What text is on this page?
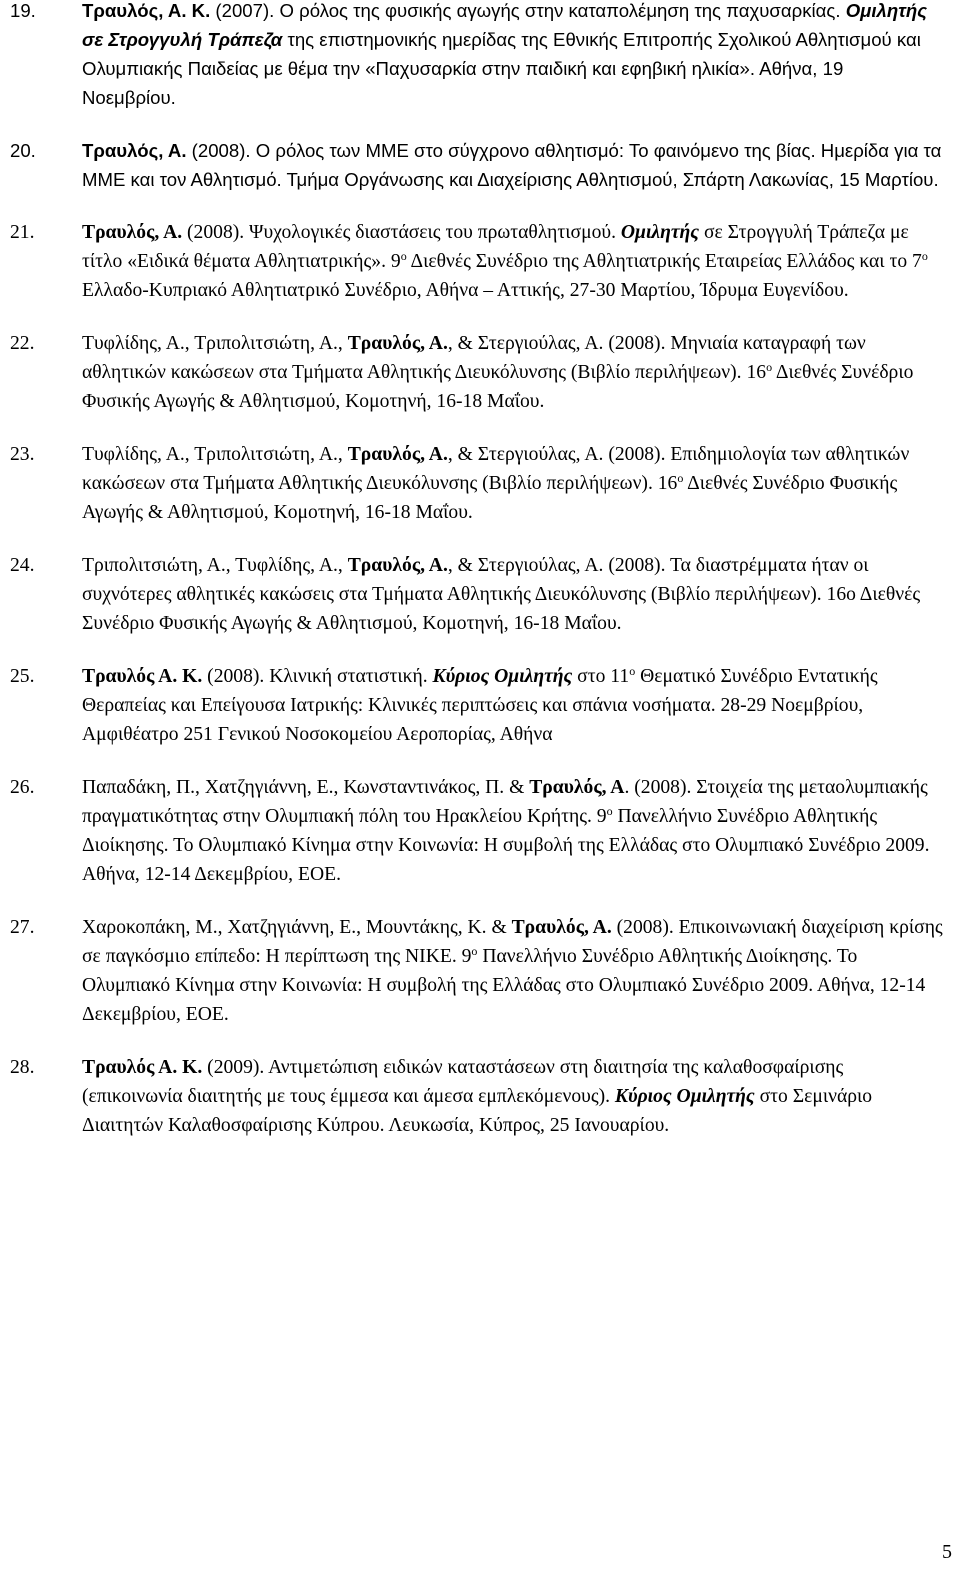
19. Τραυλός, Α. Κ. (2007). Ο ρόλος της φυσικής αγωγής στην καταπολέμηση της παχυσαρκίας. Ομιλητής σε Στρογγυλή Τράπεζα της επιστημονικής ημερίδας της Εθνικής Επιτροπής Σχολικού Αθλητισμού και Ολυμπιακής Παιδείας με θέμα την «Παχυσαρκία στην παιδική και εφηβική ηλικία». Αθήνα, 19 Νοεμβρίου.
20. Τραυλός, Α. (2008). Ο ρόλος των ΜΜΕ στο σύγχρονο αθλητισμό: Το φαινόμενο της βίας. Ημερίδα για τα ΜΜΕ και τον Αθλητισμό. Τμήμα Οργάνωσης και Διαχείρισης Αθλητισμού, Σπάρτη Λακωνίας, 15 Μαρτίου.
21. Τραυλός, Α. (2008). Ψυχολογικές διαστάσεις του πρωταθλητισμού. Ομιλητής σε Στρογγυλή Τράπεζα με τίτλο «Ειδικά θέματα Αθλητιατρικής». $9^o$ Διεθνές Συνέδριο της Αθλητιατρικής Εταιρείας Ελλάδος και το $7^o$ Ελλαδο-Κυπριακό Αθλητιατρικό Συνέδριο, Αθήνα – Αττικής, 27-30 Μαρτίου, Ίδρυμα Ευγενίδου.
22. Τυφλίδης, Α., Τριπολιτσιώτη, Α., Τραυλός, Α., & Στεργιούλας, Α. (2008). Μηνιαία καταγραφή των αθλητικών κακώσεων στα Τμήματα Αθλητικής Διευκόλυνσης (Βιβλίο περιλήψεων). $16^o$ Διεθνές Συνέδριο Φυσικής Αγωγής & Αθλητισμού, Κομοτηνή, 16-18 Μαΐου.
23. Τυφλίδης, Α., Τριπολιτσιώτη, Α., Τραυλός, Α., & Στεργιούλας, Α. (2008). Επιδημιολογία των αθλητικών κακώσεων στα Τμήματα Αθλητικής Διευκόλυνσης (Βιβλίο περιλήψεων). $16^o$ Διεθνές Συνέδριο Φυσικής Αγωγής & Αθλητισμού, Κομοτηνή, 16-18 Μαΐου.
24. Τριπολιτσιώτη, Α., Τυφλίδης, Α., Τραυλός, Α., & Στεργιούλας, Α. (2008). Τα διαστρέμματα ήταν οι συχνότερες αθλητικές κακώσεις στα Τμήματα Αθλητικής Διευκόλυνσης (Βιβλίο περιλήψεων). 16ο Διεθνές Συνέδριο Φυσικής Αγωγής & Αθλητισμού, Κομοτηνή, 16-18 Μαΐου.
25. Τραυλός Α. Κ. (2008). Κλινική στατιστική. Κύριος Ομιλητής στο $11^o$ Θεματικό Συνέδριο Εντατικής Θεραπείας και Επείγουσα Ιατρικής: Κλινικές περιπτώσεις και σπάνια νοσήματα. 28-29 Νοεμβρίου, Αμφιθέατρο 251 Γενικού Νοσοκομείου Αεροπορίας, Αθήνα
26. Παπαδάκη, Π., Χατζηγιάννη, Ε., Κωνσταντινάκος, Π. & Τραυλός, Α. (2008). Στοιχεία της μεταολυμπιακής πραγματικότητας στην Ολυμπιακή πόλη του Ηρακλείου Κρήτης. $9^o$ Πανελλήνιο Συνέδριο Αθλητικής Διοίκησης. Το Ολυμπιακό Κίνημα στην Κοινωνία: Η συμβολή της Ελλάδας στο Ολυμπιακό Συνέδριο 2009. Αθήνα, 12-14 Δεκεμβρίου, ΕΟΕ.
27. Χαροκοπάκη, Μ., Χατζηγιάννη, Ε., Μουντάκης, Κ. & Τραυλός, Α. (2008). Επικοινωνιακή διαχείριση κρίσης σε παγκόσμιο επίπεδο: Η περίπτωση της NIKE. $9^o$ Πανελλήνιο Συνέδριο Αθλητικής Διοίκησης. Το Ολυμπιακό Κίνημα στην Κοινωνία: Η συμβολή της Ελλάδας στο Ολυμπιακό Συνέδριο 2009. Αθήνα, 12-14 Δεκεμβρίου, ΕΟΕ.
28. Τραυλός Α. Κ. (2009). Αντιμετώπιση ειδικών καταστάσεων στη διαιτησία της καλαθοσφαίρισης (επικοινωνία διαιτητής με τους έμμεσα και άμεσα εμπλεκόμενους). Κύριος Ομιλητής στο Σεμινάριο Διαιτητών Καλαθοσφαίρισης Κύπρου. Λευκωσία, Κύπρος, 25 Ιανουαρίου.
5
